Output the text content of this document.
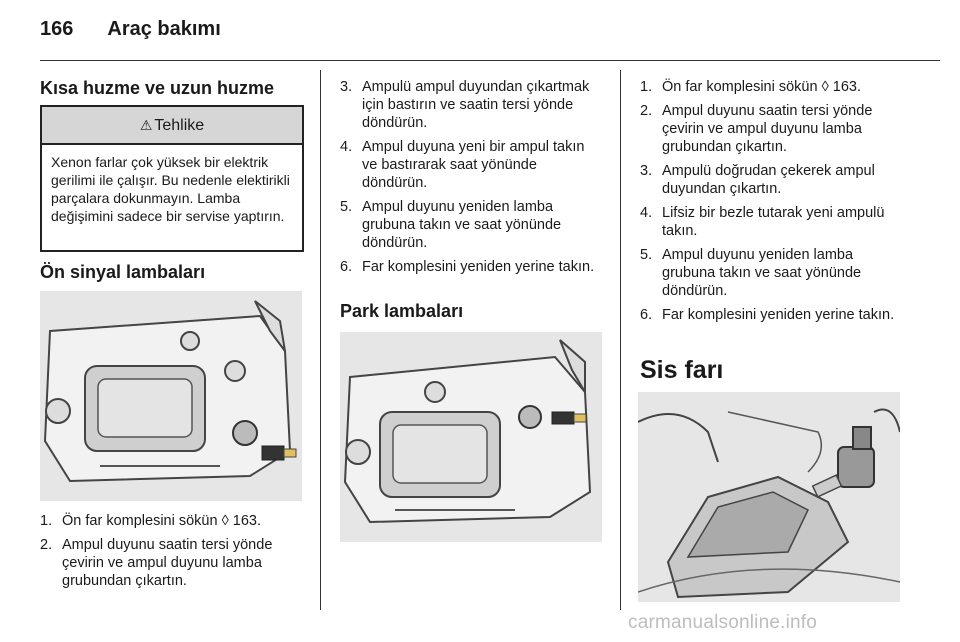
166 Araç bakımı
Kısa huzme ve uzun huzme
⚠ Tehlike
Xenon farlar çok yüksek bir elektrik gerilimi ile çalışır. Bu nedenle elektirikli parçalara dokunmayın. Lamba değişimini sadece bir servise yaptırın.
Ön sinyal lambaları
1. Ön far komplesini sökün ◊ 163.
2. Ampul duyunu saatin tersi yönde çevirin ve ampul duyunu lamba grubundan çıkartın.
3. Ampulü ampul duyundan çıkartmak için bastırın ve saatin tersi yönde döndürün.
4. Ampul duyuna yeni bir ampul takın ve bastırarak saat yönünde döndürün.
5. Ampul duyunu yeniden lamba grubuna takın ve saat yönünde döndürün.
6. Far komplesini yeniden yerine takın.
Park lambaları
1. Ön far komplesini sökün ◊ 163.
2. Ampul duyunu saatin tersi yönde çevirin ve ampul duyunu lamba grubundan çıkartın.
3. Ampulü doğrudan çekerek ampul duyundan çıkartın.
4. Lifsiz bir bezle tutarak yeni ampulü takın.
5. Ampul duyunu yeniden lamba grubuna takın ve saat yönünde döndürün.
6. Far komplesini yeniden yerine takın.
Sis farı
carmanualsonline.info
